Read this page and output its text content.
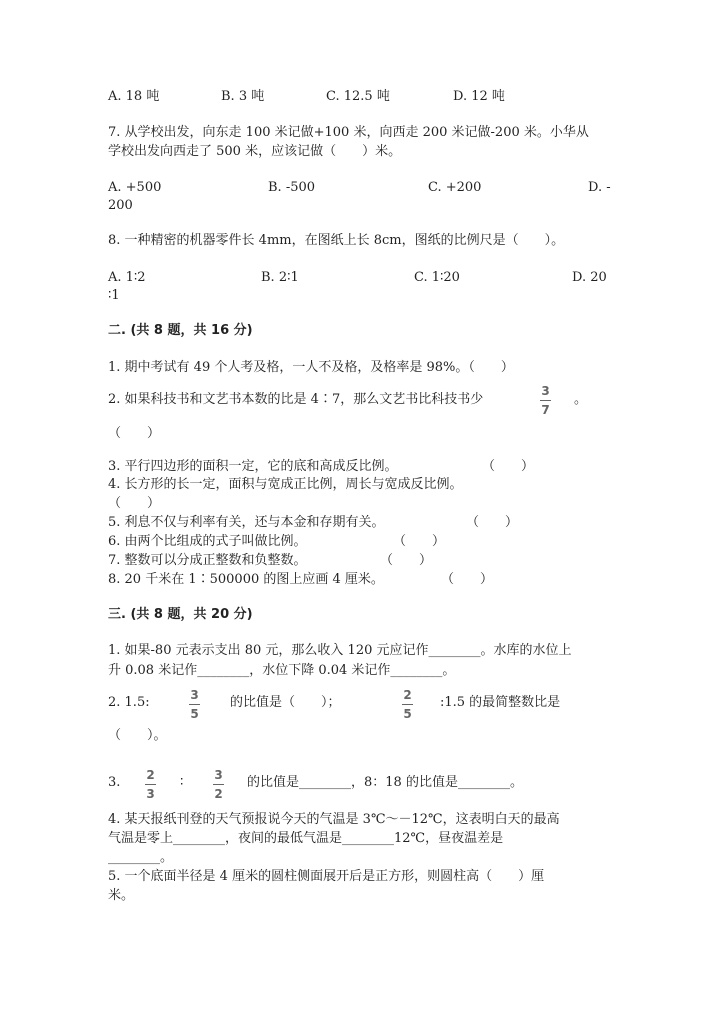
A. 18 吨	B. 3 吨	C. 12.5 吨	D. 12 吨
7. 从学校出发，向东走 100 米记做+100 米，向西走 200 米记做-200 米。小华从
学校出发向西走了 500 米，应该记做（　　）米。
A. +500	B. -500	C. +200	D. -
200
8. 一种精密的机器零件长 4mm，在图纸上长 8cm，图纸的比例尺是（　　）。
A. 1∶2	B. 2∶1	C. 1∶20	D. 20
∶1
二. (共 8 题，共 16 分)
1. 期中考试有 49 个人考及格，一人不及格，及格率是 98%。（　　）
2. 如果科技书和文艺书本数的比是 4∶7，那么文艺书比科技书少
3
7
。
（　　）
3. 平行四边形的面积一定，它的底和高成反比例。	（　　）
4. 长方形的长一定，面积与宽成正比例，周长与宽成反比例。
（　　）
5. 利息不仅与利率有关，还与本金和存期有关。	（　　）
6. 由两个比组成的式子叫做比例。	（　　）
7. 整数可以分成正整数和负整数。	（　　）
8. 20 千米在 1∶500000 的图上应画 4 厘米。	（　　）
三. (共 8 题，共 20 分)
1. 如果-80 元表示支出 80 元，那么收入 120 元应记作________。水库的水位上
升 0.08 米记作________，水位下降 0.04 米记作________。
2. 1.5:	3
5
的比值是（　　）；	2
5
:1.5 的最简整数比是
（　　）。
3. 2
3
∶	3
2
的比值是________，8：18 的比值是________。
4. 某天报纸刊登的天气预报说今天的气温是 3℃～－12℃，这表明白天的最高
气温是零上________，夜间的最低气温是________12℃，昼夜温差是
________。
5. 一个底面半径是 4 厘米的圆柱侧面展开后是正方形，则圆柱高（　　）厘
米。
